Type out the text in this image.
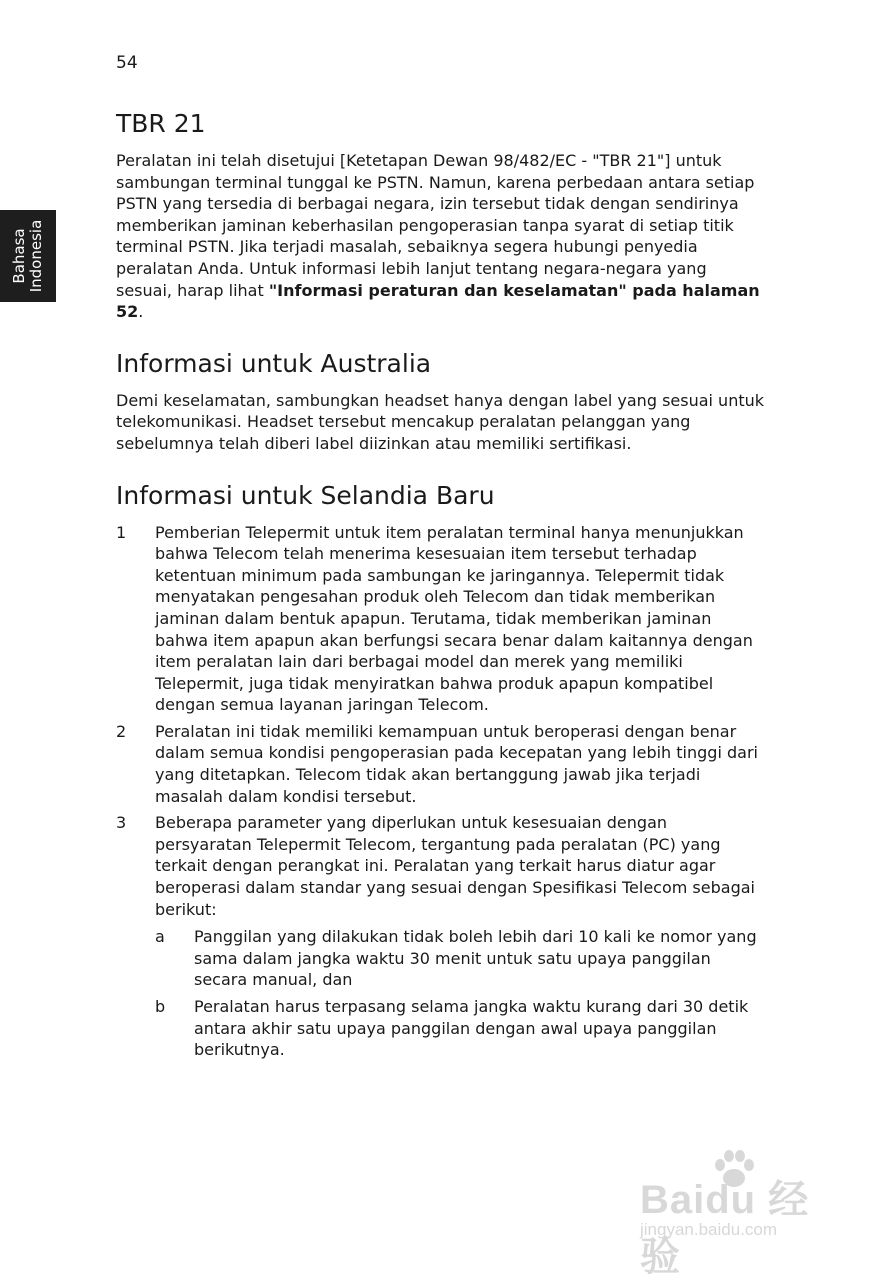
54
Bahasa Indonesia
TBR 21

Peralatan ini telah disetujui [Ketetapan Dewan 98/482/EC - "TBR 21"] untuk sambungan terminal tunggal ke PSTN. Namun, karena perbedaan antara setiap PSTN yang tersedia di berbagai negara, izin tersebut tidak dengan sendirinya memberikan jaminan keberhasilan pengoperasian tanpa syarat di setiap titik terminal PSTN. Jika terjadi masalah, sebaiknya segera hubungi penyedia peralatan Anda. Untuk informasi lebih lanjut tentang negara-negara yang sesuai, harap lihat "Informasi peraturan dan keselamatan" pada halaman 52.

Informasi untuk Australia

Demi keselamatan, sambungkan headset hanya dengan label yang sesuai untuk telekomunikasi. Headset tersebut mencakup peralatan pelanggan yang sebelumnya telah diberi label diizinkan atau memiliki sertifikasi.

Informasi untuk Selandia Baru
1 Pemberian Telepermit untuk item peralatan terminal hanya menunjukkan bahwa Telecom telah menerima kesesuaian item tersebut terhadap ketentuan minimum pada sambungan ke jaringannya. Telepermit tidak menyatakan pengesahan produk oleh Telecom dan tidak memberikan jaminan dalam bentuk apapun. Terutama, tidak memberikan jaminan bahwa item apapun akan berfungsi secara benar dalam kaitannya dengan item peralatan lain dari berbagai model dan merek yang memiliki Telepermit, juga tidak menyiratkan bahwa produk apapun kompatibel dengan semua layanan jaringan Telecom.
2 Peralatan ini tidak memiliki kemampuan untuk beroperasi dengan benar dalam semua kondisi pengoperasian pada kecepatan yang lebih tinggi dari yang ditetapkan. Telecom tidak akan bertanggung jawab jika terjadi masalah dalam kondisi tersebut.
3 Beberapa parameter yang diperlukan untuk kesesuaian dengan persyaratan Telepermit Telecom, tergantung pada peralatan (PC) yang terkait dengan perangkat ini. Peralatan yang terkait harus diatur agar beroperasi dalam standar yang sesuai dengan Spesifikasi Telecom sebagai berikut:
a Panggilan yang dilakukan tidak boleh lebih dari 10 kali ke nomor yang sama dalam jangka waktu 30 menit untuk satu upaya panggilan secara manual, dan
b Peralatan harus terpasang selama jangka waktu kurang dari 30 detik antara akhir satu upaya panggilan dengan awal upaya panggilan berikutnya.
Baidu 经验
jingyan.baidu.com
